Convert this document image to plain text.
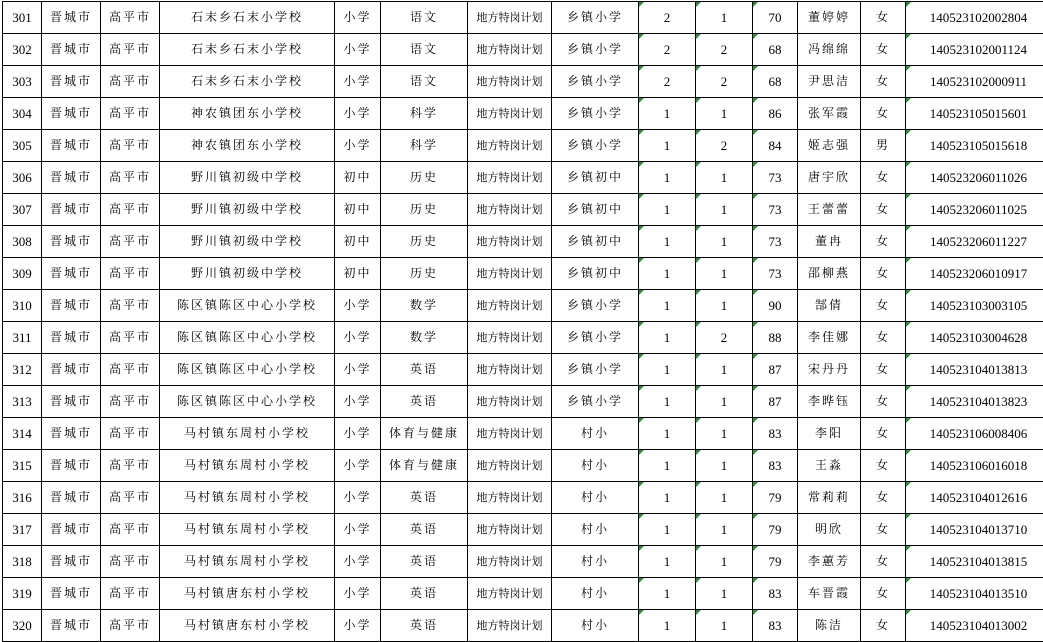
301	晋城市	高平市	石末乡石末小学校	小学	语文	地方特岗计划	乡镇小学	2	1	70	董婷婷	女	140523102002804
302	晋城市	高平市	石末乡石末小学校	小学	语文	地方特岗计划	乡镇小学	2	2	68	冯绵绵	女	140523102001124
303	晋城市	高平市	石末乡石末小学校	小学	语文	地方特岗计划	乡镇小学	2	2	68	尹思洁	女	140523102000911
304	晋城市	高平市	神农镇团东小学校	小学	科学	地方特岗计划	乡镇小学	1	1	86	张军霞	女	140523105015601
305	晋城市	高平市	神农镇团东小学校	小学	科学	地方特岗计划	乡镇小学	1	2	84	姬志强	男	140523105015618
306	晋城市	高平市	野川镇初级中学校	初中	历史	地方特岗计划	乡镇初中	1	1	73	唐宇欣	女	140523206011026
307	晋城市	高平市	野川镇初级中学校	初中	历史	地方特岗计划	乡镇初中	1	1	73	王蕾蕾	女	140523206011025
308	晋城市	高平市	野川镇初级中学校	初中	历史	地方特岗计划	乡镇初中	1	1	73	董冉	女	140523206011227
309	晋城市	高平市	野川镇初级中学校	初中	历史	地方特岗计划	乡镇初中	1	1	73	邵柳燕	女	140523206010917
310	晋城市	高平市	陈区镇陈区中心小学校	小学	数学	地方特岗计划	乡镇小学	1	1	90	郜倩	女	140523103003105
311	晋城市	高平市	陈区镇陈区中心小学校	小学	数学	地方特岗计划	乡镇小学	1	2	88	李佳娜	女	140523103004628
312	晋城市	高平市	陈区镇陈区中心小学校	小学	英语	地方特岗计划	乡镇小学	1	1	87	宋丹丹	女	140523104013813
313	晋城市	高平市	陈区镇陈区中心小学校	小学	英语	地方特岗计划	乡镇小学	1	1	87	李晔钰	女	140523104013823
314	晋城市	高平市	马村镇东周村小学校	小学	体育与健康	地方特岗计划	村小	1	1	83	李阳	女	140523106008406
315	晋城市	高平市	马村镇东周村小学校	小学	体育与健康	地方特岗计划	村小	1	1	83	王淼	女	140523106016018
316	晋城市	高平市	马村镇东周村小学校	小学	英语	地方特岗计划	村小	1	1	79	常莉莉	女	140523104012616
317	晋城市	高平市	马村镇东周村小学校	小学	英语	地方特岗计划	村小	1	1	79	明欣	女	140523104013710
318	晋城市	高平市	马村镇东周村小学校	小学	英语	地方特岗计划	村小	1	1	79	李蕙芳	女	140523104013815
319	晋城市	高平市	马村镇唐东村小学校	小学	英语	地方特岗计划	村小	1	1	83	车晋霞	女	140523104013510
320	晋城市	高平市	马村镇唐东村小学校	小学	英语	地方特岗计划	村小	1	1	83	陈洁	女	140523104013002
